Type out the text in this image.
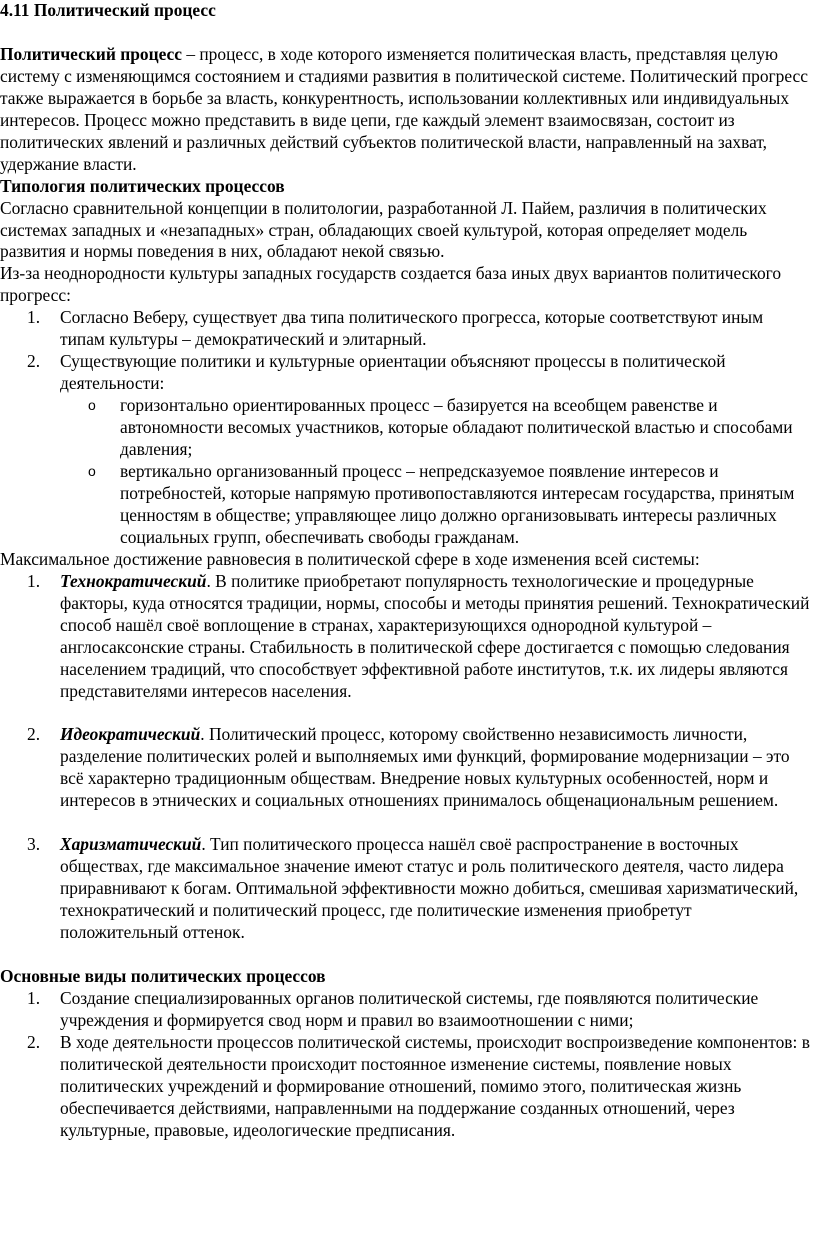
4.11 Политический процесс

Политический процесс – процесс, в ходе которого изменяется политическая власть, представляя целую систему с изменяющимся состоянием и стадиями развития в политической системе. Политический прогресс также выражается в борьбе за власть, конкурентность, использовании коллективных или индивидуальных интересов. Процесс можно представить в виде цепи, где каждый элемент взаимосвязан, состоит из политических явлений и различных действий субъектов политической власти, направленный на захват, удержание власти.

Типология политических процессов

Согласно сравнительной концепции в политологии, разработанной Л. Пайем, различия в политических системах западных и «незападных» стран, обладающих своей культурой, которая определяет модель развития и нормы поведения в них, обладают некой связью.

Из-за неоднородности культуры западных государств создается база иных двух вариантов политического прогресс:

1. Согласно Веберу, существует два типа политического прогресса, которые соответствуют иным типам культуры – демократический и элитарный.
2. Существующие политики и культурные ориентации объясняют процессы в политической деятельности:
o горизонтально ориентированных процесс – базируется на всеобщем равенстве и автономности весомых участников, которые обладают политической властью и способами давления;
o вертикально организованный процесс – непредсказуемое появление интересов и потребностей, которые напрямую противопоставляются интересам государства, принятым ценностям в обществе; управляющее лицо должно организовывать интересы различных социальных групп, обеспечивать свободы гражданам.

Максимальное достижение равновесия в политической сфере в ходе изменения всей системы:

1. Технократический. В политике приобретают популярность технологические и процедурные факторы, куда относятся традиции, нормы, способы и методы принятия решений. Технократический способ нашёл своё воплощение в странах, характеризующихся однородной культурой – англосаксонские страны. Стабильность в политической сфере достигается с помощью следования населением традиций, что способствует эффективной работе институтов, т.к. их лидеры являются представителями интересов населения.
2. Идеократический. Политический процесс, которому свойственно независимость личности, разделение политических ролей и выполняемых ими функций, формирование модернизации – это всё характерно традиционным обществам. Внедрение новых культурных особенностей, норм и интересов в этнических и социальных отношениях принималось общенациональным решением.
3. Харизматический. Тип политического процесса нашёл своё распространение в восточных обществах, где максимальное значение имеют статус и роль политического деятеля, часто лидера приравнивают к богам. Оптимальной эффективности можно добиться, смешивая харизматический, технократический и политический процесс, где политические изменения приобретут положительный оттенок.

Основные виды политических процессов

1. Создание специализированных органов политической системы, где появляются политические учреждения и формируется свод норм и правил во взаимоотношении с ними;
2. В ходе деятельности процессов политической системы, происходит воспроизведение компонентов: в политической деятельности происходит постоянное изменение системы, появление новых политических учреждений и формирование отношений, помимо этого, политическая жизнь обеспечивается действиями, направленными на поддержание созданных отношений, через культурные, правовые, идеологические предписания.
